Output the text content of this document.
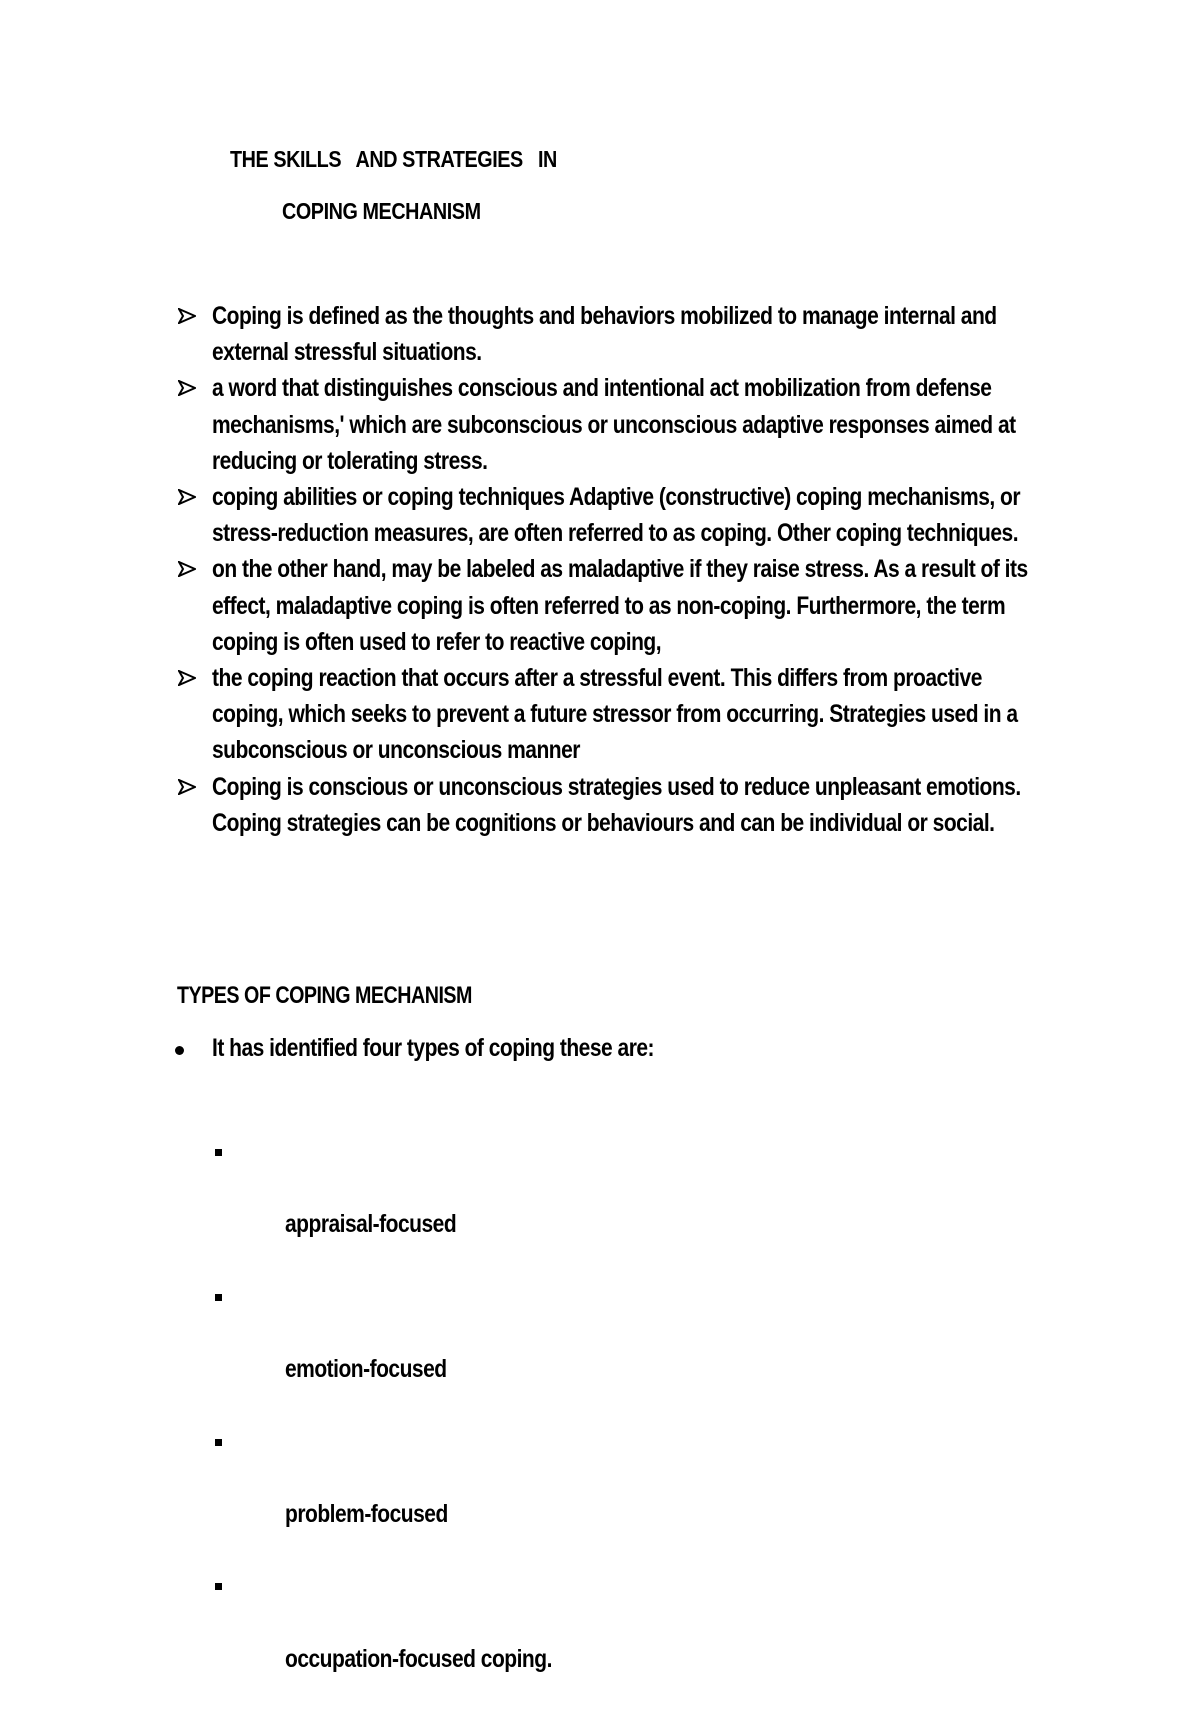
THE SKILLS   AND STRATEGIES   IN
COPING MECHANISM
Coping is defined as the thoughts and behaviors mobilized to manage internal and external stressful situations.
a word that distinguishes conscious and intentional act mobilization from defense mechanisms,' which are subconscious or unconscious adaptive responses aimed at reducing or tolerating stress.
coping abilities or coping techniques Adaptive (constructive) coping mechanisms, or stress-reduction measures, are often referred to as coping. Other coping techniques.
on the other hand, may be labeled as maladaptive if they raise stress. As a result of its effect, maladaptive coping is often referred to as non-coping. Furthermore, the term coping is often used to refer to reactive coping,
the coping reaction that occurs after a stressful event. This differs from proactive coping, which seeks to prevent a future stressor from occurring. Strategies used in a subconscious or unconscious manner
Coping is conscious or unconscious strategies used to reduce unpleasant emotions. Coping strategies can be cognitions or behaviours and can be individual or social.
TYPES OF COPING MECHANISM
It has identified four types of coping these are:

appraisal-focused

emotion-focused

problem-focused

occupation-focused coping.
